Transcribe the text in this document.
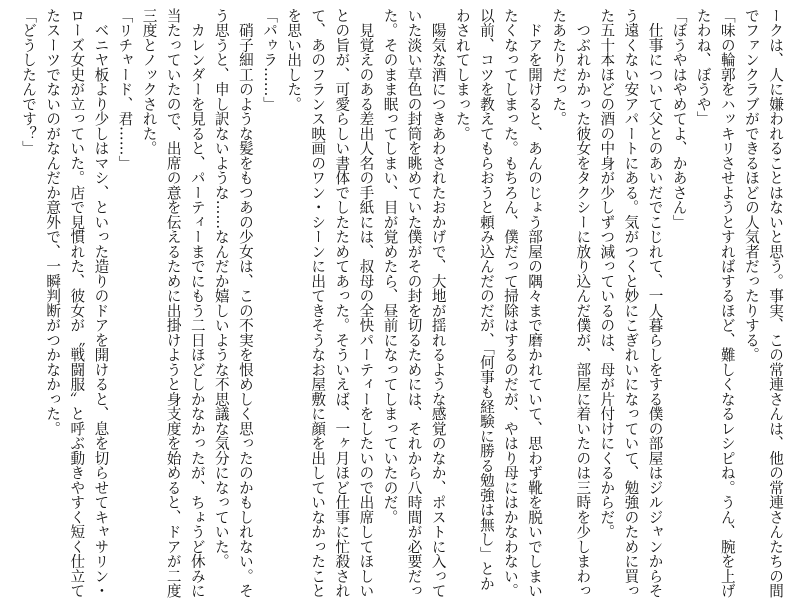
ークは、人に嫌われることはないと思う。事実、この常連さんは、他の常連さんたちの間
でファンクラブができるほどの人気者だったりする。
「味の輪郭をハッキリさせようとすればするほど、難しくなるレシピね。うん、腕を上げ
たわね、ぼうや」
「ぼうやはやめてよ、かあさん」
　仕事について父とのあいだでこじれて、一人暮らしをする僕の部屋はジルジャンからそ
う遠くない安アパートにある。気がつくと妙にこぎれいになっていて、勉強のために買っ
た五十本ほどの酒の中身が少しずつ減っているのは、母が片付けにくるからだ。
　つぶれかかった彼女をタクシーに放り込んだ僕が、部屋に着いたのは三時を少しまわっ
たあたりだった。
　ドアを開けると、あんのじょう部屋の隅々まで磨かれていて、思わず靴を脱いでしまい
たくなってしまった。もちろん、僕だって掃除はするのだが、やはり母にはかなわない。
以前、コツを教えてもらおうと頼み込んだのだが、「何事も経験に勝る勉強は無し」とか
わされてしまった。
　陽気な酒につきあわされたおかげで、大地が揺れるような感覚のなか、ポストに入って
いた淡い草色の封筒を眺めていた僕がその封を切るためには、それから八時間が必要だっ
た。そのまま眠ってしまい、目が覚めたら、昼前になってしまっていたのだ。
　見覚えのある差出人名の手紙には、叔母の全快パーティーをしたいので出席してほしい
との旨が、可愛らしい書体でしたためてあった。そういえば、一ヶ月ほど仕事に忙殺され
て、あのフランス映画のワン・シーンに出てきそうなお屋敷に顔を出していなかったこと
を思い出した。
「パゥラ……」
　硝子細工のような髪をもつあの少女は、この不実を恨めしく思ったのかもしれない。そ
う思うと、申し訳ないような……なんだか嬉しいような不思議な気分になっていた。
　カレンダーを見ると、パーティーまでにもう二日ほどしかなかったが、ちょうど休みに
当たっていたので、出席の意を伝えるために出掛けようと身支度を始めると、ドアが二度
三度とノックされた。
「リチャード、君……」
　ベニヤ板より少しはマシ、といった造りのドアを開けると、息を切らせてキャサリン・
ローズ女史が立っていた。店で見慣れた、彼女が〝戦闘服〟と呼ぶ動きやすく短く仕立て
たスーツでないのがなんだか意外で、一瞬判断がつかなかった。
「どうしたんです？」
